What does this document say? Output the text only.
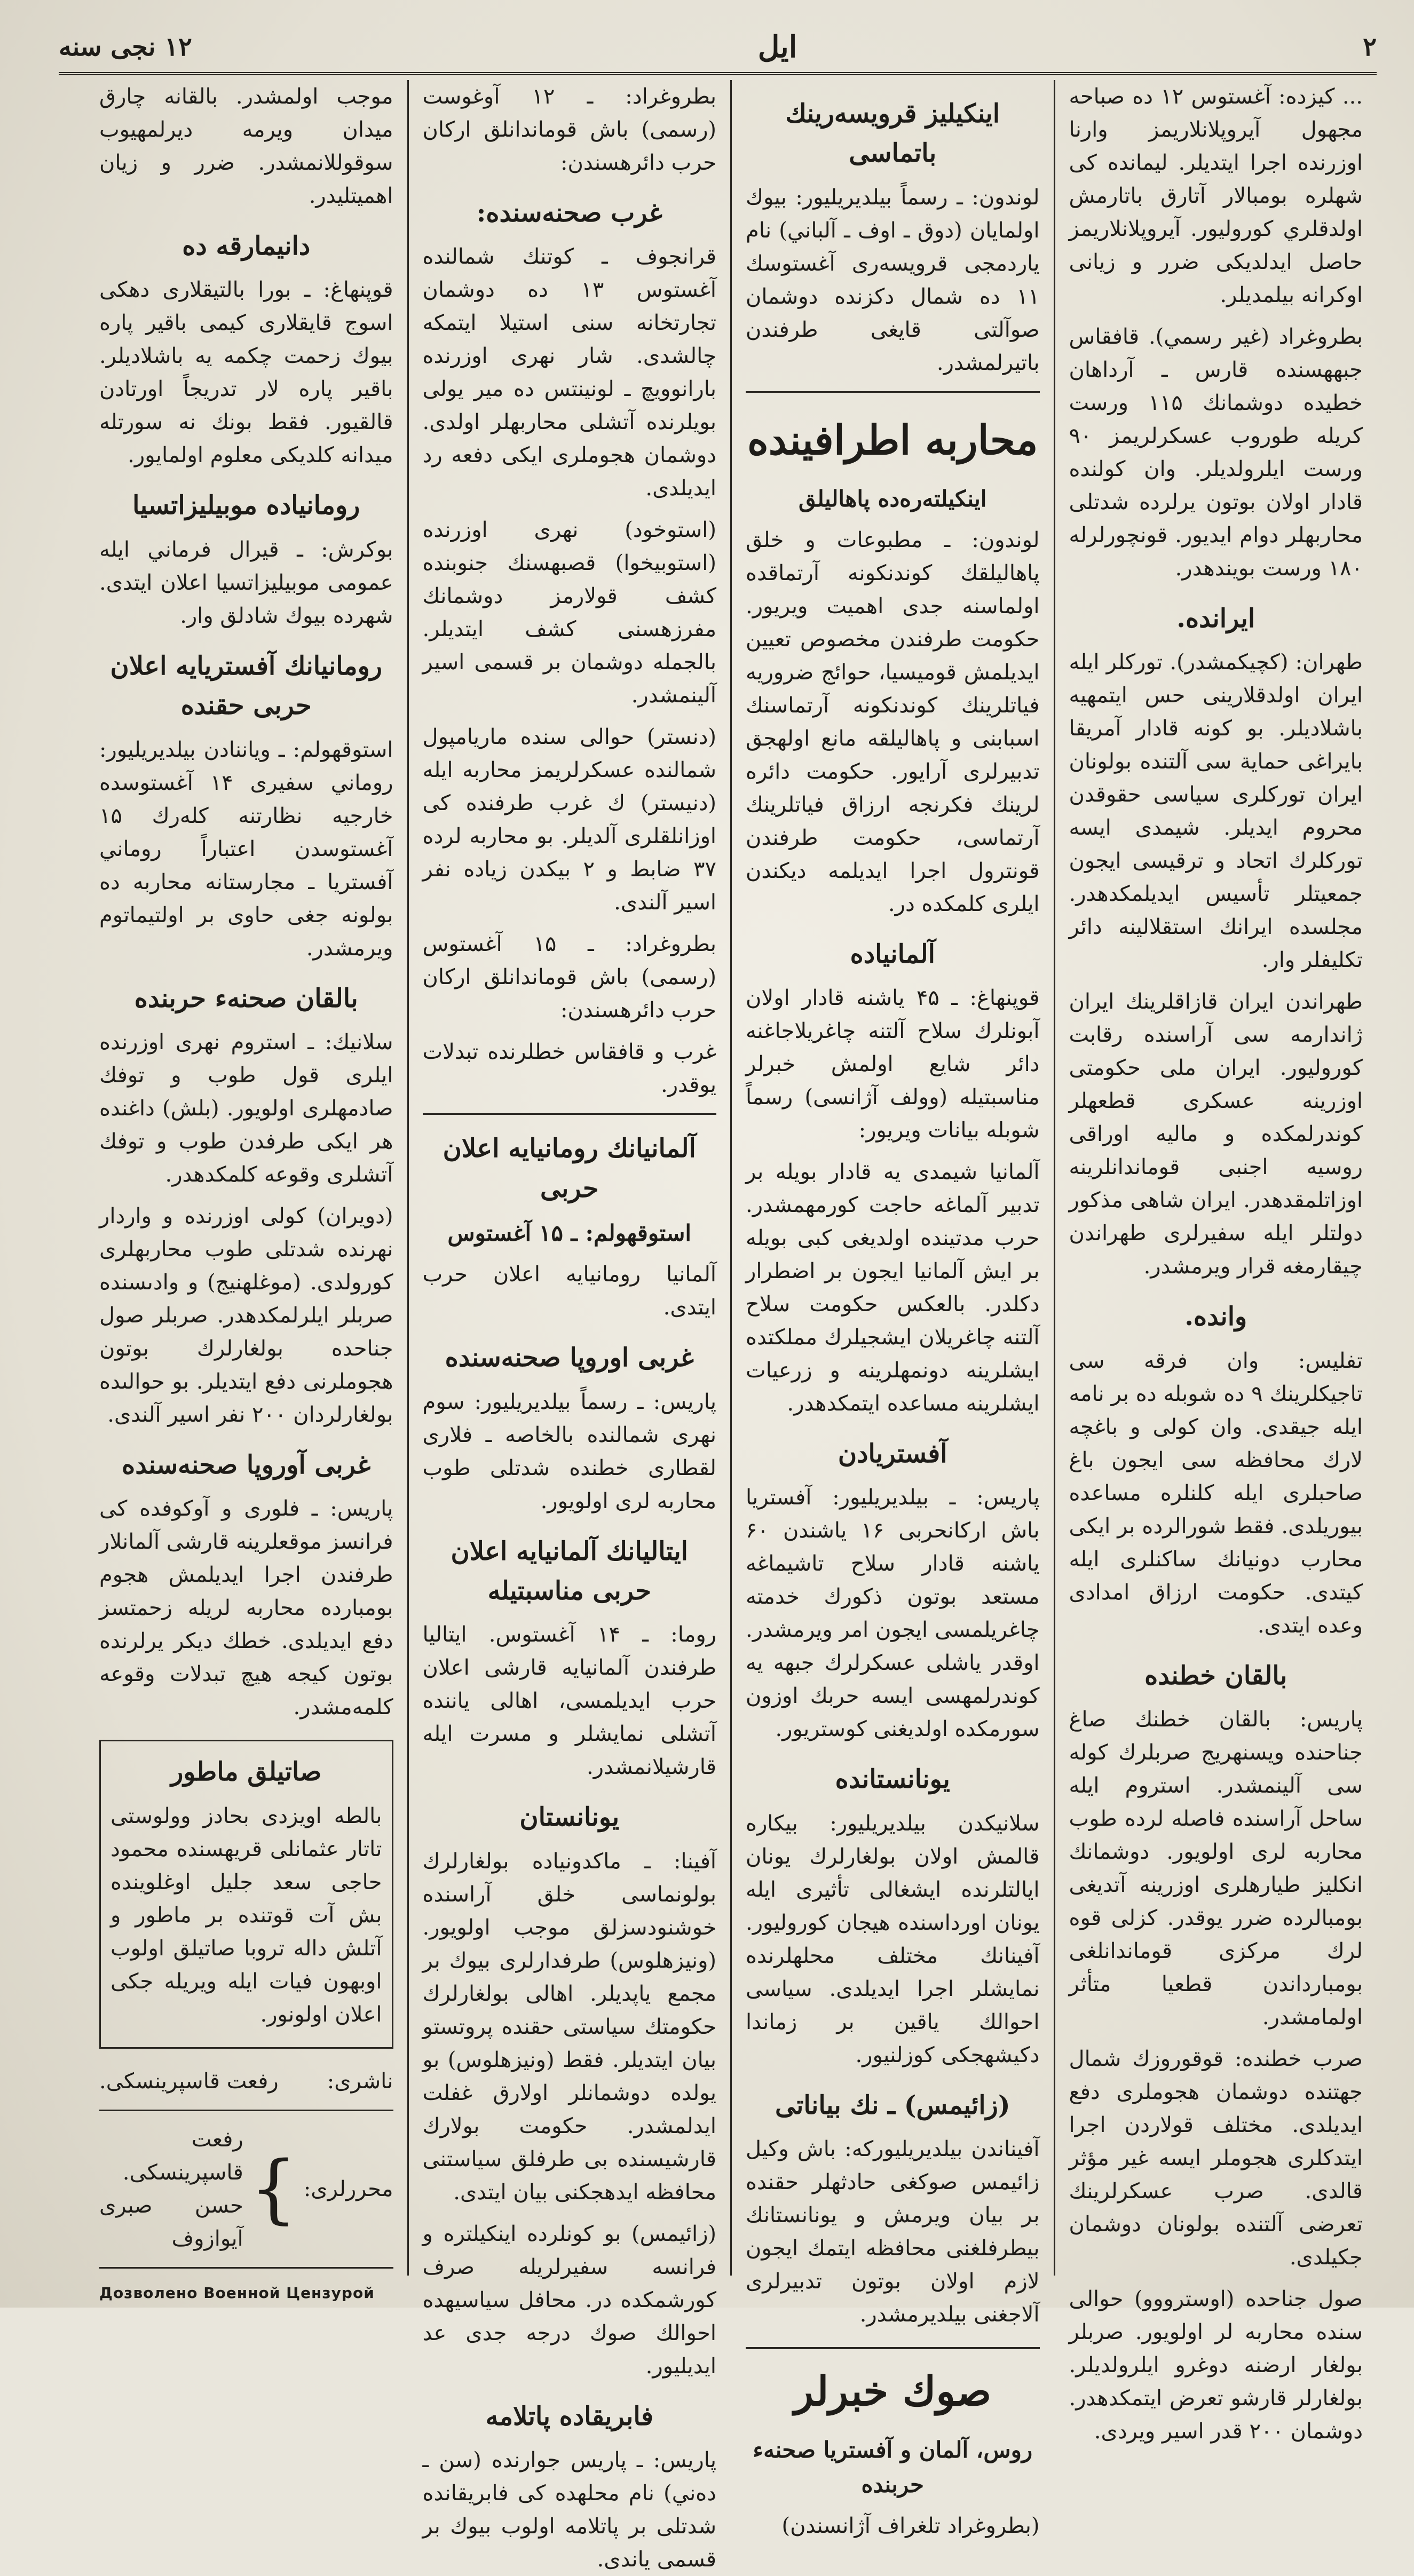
۲
ايل
۱۲ نجى سنه

... كيزده: آغستوس ۱۲ ده صباحه مجهول آيروپلانلاريمز وارنا اوزرنده اجرا ايتديلر. ليمانده كى شهلره بومبالار آتارق باتارمش اولدقلري كوروليور. آيروپلانلاريمز حاصل ايدلديكى ضرر و زيانى اوكرانه بيلمديلر.

بطروغراد (غير رسمي). قافقاس جبههسنده قارس ـ آرداهان خطيده دوشمانك ۱۱۵ ورست كريله طوروب عسكرلريمز ۹۰ ورست ايلرولديلر. وان كولنده قادار اولان بوتون يرلرده شدتلى محاربهلر دوام ايديور. قونچورلرله ۱۸۰ ورست بويندهدر.

ايرانده.

طهران: (كچيكمشدر). توركلر ايله ايران اولدقلارينى حس ايتمهيه باشلاديلر. بو كونه قادار آمريقا بايراغى حماية سى آلتنده بولونان ايران توركلرى سياسى حقوقدن محروم ايديلر. شيمدى ايسه توركلرك اتحاد و ترقيسى ايجون جمعيتلر تأسيس ايديلمكدهدر. مجلسده ايرانك استقلالينه دائر تكليفلر وار.

طهراندن ايران قازاقلرينك ايران ژاندارمه سى آراسنده رقابت كوروليور. ايران ملى حكومتى اوزرينه عسكرى قطعهلر كوندرلمكده و ماليه اوراقى روسيه اجنبى قوماندانلرينه اوزاتلمقدهدر. ايران شاهى مذكور دولتلر ايله سفيرلرى طهراندن چيقارمغه قرار ويرمشدر.

وانده.

تفليس: وان فرقه سى تاجيكلرينك ۹ ده شوبله ده بر نامه ايله جيقدى. وان كولى و باغچه لارك محافظه سى ايجون باغ صاحبلرى ايله كلنلره مساعده بيوريلدى. فقط شورالرده بر ايكى محارب دونيانك ساكنلرى ايله كيتدى. حكومت ارزاق امدادى وعده ايتدى.

بالقان خطنده

پاريس: بالقان خطنك صاغ جناحنده ويسنهريج صربلرك كوله سى آلينمشدر. استروم ايله ساحل آراسنده فاصله لرده طوب محاربه لرى اولويور. دوشمانك انكليز طيارهلرى اوزرينه آتديغى بومبالرده ضرر يوقدر. كزلى قوه لرك مركزى قوماندانلغى بومبارداندن قطعيا متأثر اولمامشدر.

صرب خطنده: قوقوروزك شمال جهتنده دوشمان هجوملرى دفع ايديلدى. مختلف قولاردن اجرا ايتدكلرى هجوملر ايسه غير مؤثر قالدى. صرب عسكرلرينك تعرضى آلتنده بولونان دوشمان جكيلدى.

صول جناحده (اوسترووو) حوالى سنده محاربه لر اولويور. صربلر بولغار ارضنه دوغرو ايلرولديلر. بولغارلر قارشو تعرض ايتمكدهدر. دوشمان ۲۰۰ قدر اسير ويردى.

اينكيليز قرويسەرينك باتماسى

لوندون: ـ رسماً بيلديريليور: بيوك اولمايان (دوق ـ اوف ـ آلباني) نام ياردمجى قرويسەرى آغستوسك ۱۱ ده شمال دكزنده دوشمان صوآلتى قايغى طرفندن باتيرلمشدر.

محاربه اطرافينده
اينكيلتەرەده پاهاليلق

لوندون: ـ مطبوعات و خلق پاهاليلقك كوندنكونه آرتماقده اولماسنه جدى اهميت ويريور. حكومت طرفندن مخصوص تعيين ايديلمش قوميسيا، حوائج ضروريه فياتلرينك كوندنكونه آرتماسنك اسبابنى و پاهاليلقه مانع اولهجق تدبيرلرى آرايور. حكومت دائره لرينك فكرنجه ارزاق فياتلرينك آرتماسى، حكومت طرفندن قونترول اجرا ايديلمه ديكندن ايلرى كلمكده در.

آلمانياده

قوپنهاغ: ـ ۴۵ ياشنه قادار اولان آبونلرك سلاح آلتنه چاغريلاجاغنه دائر شايع اولمش خبرلر مناسبتيله (وولف آژانسى) رسماً شوبله بيانات ويريور:

آلمانيا شيمدى يه قادار بويله بر تدبير آلماغه حاجت كورمهمشدر. حرب مدتينده اولديغى كبى بويله بر ايش آلمانيا ايجون بر اضطرار دكلدر. بالعكس حكومت سلاح آلتنه چاغريلان ايشجيلرك مملكتده ايشلرينه دونمهلرينه و زرعيات ايشلرينه مساعده ايتمكدهدر.

آفستريادن

پاريس: ـ بيلديريليور: آفستريا باش اركانحربى ۱۶ ياشندن ۶۰ ياشنه قادار سلاح تاشيماغه مستعد بوتون ذكورك خدمته چاغريلمسى ايجون امر ويرمشدر. اوقدر ياشلى عسكرلرك جبهه يه كوندرلمهسى ايسه حربك اوزون سورمكده اولديغنى كوستريور.

يونانستانده

سلانيكدن بيلديريليور: بيكاره قالمش اولان بولغارلرك يونان ايالتلرنده ايشغالى تأثيرى ايله يونان اورداسنده هيجان كوروليور. آفينانك مختلف محلهلرنده نمايشلر اجرا ايديلدى. سياسى احوالك ياقين بر زماندا دكيشهجكى كوزلنيور.

(زائيمس) ـ نك بياناتى

آفيناندن بيلديريليوركه: باش وكيل زائيمس صوكغى حادثهلر حقنده بر بيان ويرمش و يونانستانك بيطرفلغنى محافظه ايتمك ايجون لازم اولان بوتون تدبيرلرى آلاجغنى بيلديرمشدر.

صوك خبرلر
روس، آلمان و آفستريا صحنەء حربنده

(بطروغراد تلغراف آژانسندن)

بطروغراد: ـ ۱۲ آوغوست (رسمى) باش قوماندانلق اركان حرب دائرهسندن:

غرب صحنەسندە:

قرانجوف ـ كوتنك شمالنده آغستوس ۱۳ ده دوشمان تجارتخانه سنى استيلا ايتمكه چالشدى. شار نهرى اوزرنده بارانوويچ ـ لونينتس ده مير يولى بويلرنده آتشلى محاربهلر اولدى. دوشمان هجوملرى ايكى دفعه رد ايديلدى.

(استوخود) نهرى اوزرنده (استوبيخوا) قصبهسنك جنوبنده كشف قولارمز دوشمانك مفرزهسنى كشف ايتديلر. بالجمله دوشمان بر قسمى اسير آلينمشدر.

(دنستر) حوالى سنده ماريامپول شمالنده عسكرلريمز محاربه ايله (دنيستر) ك غرب طرفنده كى اوزانلقلرى آلديلر. بو محاربه لرده ۳۷ ضابط و ۲ بيكدن زياده نفر اسير آلندى.

بطروغراد: ـ ۱۵ آغستوس (رسمى) باش قوماندانلق اركان حرب دائرهسندن:

غرب و قافقاس خطلرنده تبدلات يوقدر.

آلمانيانك رومانيايه اعلان حربى
استوقهولم: ـ ۱۵ آغستوس

آلمانيا رومانيايه اعلان حرب ايتدى.

غربى اوروپا صحنەسندە

پاريس: ـ رسماً بيلديريليور: سوم نهرى شمالنده بالخاصه ـ فلارى لقطارى خطنده شدتلى طوب محاربه لرى اولويور.

ايتاليانك آلمانيايه اعلان حربى مناسبتيله

روما: ـ ۱۴ آغستوس. ايتاليا طرفندن آلمانيايه قارشى اعلان حرب ايديلمسى، اهالى ياننده آتشلى نمايشلر و مسرت ايله قارشيلانمشدر.

يونانستان

آفينا: ـ ماكدونياده بولغارلرك بولونماسى خلق آراسنده خوشنودسزلق موجب اولويور. (ونيزهلوس) طرفدارلرى بيوك بر مجمع ياپديلر. اهالى بولغارلرك حكومتك سياستى حقنده پروتستو بيان ايتديلر. فقط (ونيزهلوس) بو يولده دوشمانلر اولارق غفلت ايدلمشدر. حكومت بولارك قارشيسنده بى طرفلق سياستنى محافظه ايدهجكنى بيان ايتدى.

(زائيمس) بو كونلرده اينكيلتره و فرانسه سفيرلريله صرف كورشمكده در. محافل سياسيهده احوالك صوك درجه جدى عد ايديليور.

فابريقاده پاتلامه

پاريس: ـ پاريس جوارنده (سن ـ دەني) نام محلهده كى فابريقانده شدتلى بر پاتلامه اولوب بيوك بر قسمى ياندى.

موجب اولمشدر. بالقانه چارق ميدان ويرمه ديرلمهيوب سوقوللانمشدر. ضرر و زيان اهميتليدر.

دانيمارقه ده

قوپنهاغ: ـ بورا بالتيقلارى دهكى اسوج قايقلارى كيمى باقير پاره بيوك زحمت چكمه يه باشلاديلر. باقير پاره لار تدريجاً اورتادن قالقيور. فقط بونك نه سورتله ميدانه كلديكى معلوم اولمايور.

رومانياده موبيليزاتسيا

بوكرش: ـ قيرال فرماني ايله عمومى موبيليزاتسيا اعلان ايتدى. شهرده بيوك شادلق وار.

رومانيانك آفستريايه اعلان حربى حقنده

استوقهولم: ـ وياننادن بيلديريليور: روماني سفيرى ۱۴ آغستوسده خارجيه نظارتنه كلەرك ۱۵ آغستوسدن اعتباراً روماني آفستريا ـ مجارستانه محاربه ده بولونه جغى حاوى بر اولتيماتوم ويرمشدر.

بالقان صحنەء حربنده

سلانيك: ـ استروم نهرى اوزرنده ايلرى قول طوب و توفك صادمهلرى اولويور. (بلش) داغنده هر ايكى طرفدن طوب و توفك آتشلرى وقوعه كلمكدهدر.

(دويران) كولى اوزرنده و واردار نهرنده شدتلى طوب محاربهلرى كورولدى. (موغلهنيج) و وادىسنده صربلر ايلرلمكدهدر. صربلر صول جناحده بولغارلرك بوتون هجوملرنى دفع ايتديلر. بو حوالىده بولغارلردان ۲۰۰ نفر اسير آلندى.

غربى آوروپا صحنەسندە

پاريس: ـ فلورى و آوكوفده كى فرانسز موقعلرينه قارشى آلمانلار طرفندن اجرا ايديلمش هجوم بومبارده محاربه لريله زحمتسز دفع ايديلدى. خطك ديكر يرلرنده بوتون كيجه هيچ تبدلات وقوعه كلمەمشدر.

صاتيلق ماطور

بالطه اويزدى بحادز وولوستى تاتار عثمانلى قريهسنده محمود حاجى سعد جليل اوغلوينده بش آت قوتنده بر ماطور و آتلش داله تروبا صاتيلق اولوب اوبهون فيات ايله ويريله جكى اعلان اولونور.

ناشرى:
رفعت قاسپرينسكى.
محررلرى:
}
رفعت قاسپرينسكى.
حسن صبرى آيوازوف
Дозволено Военной Цензурой
